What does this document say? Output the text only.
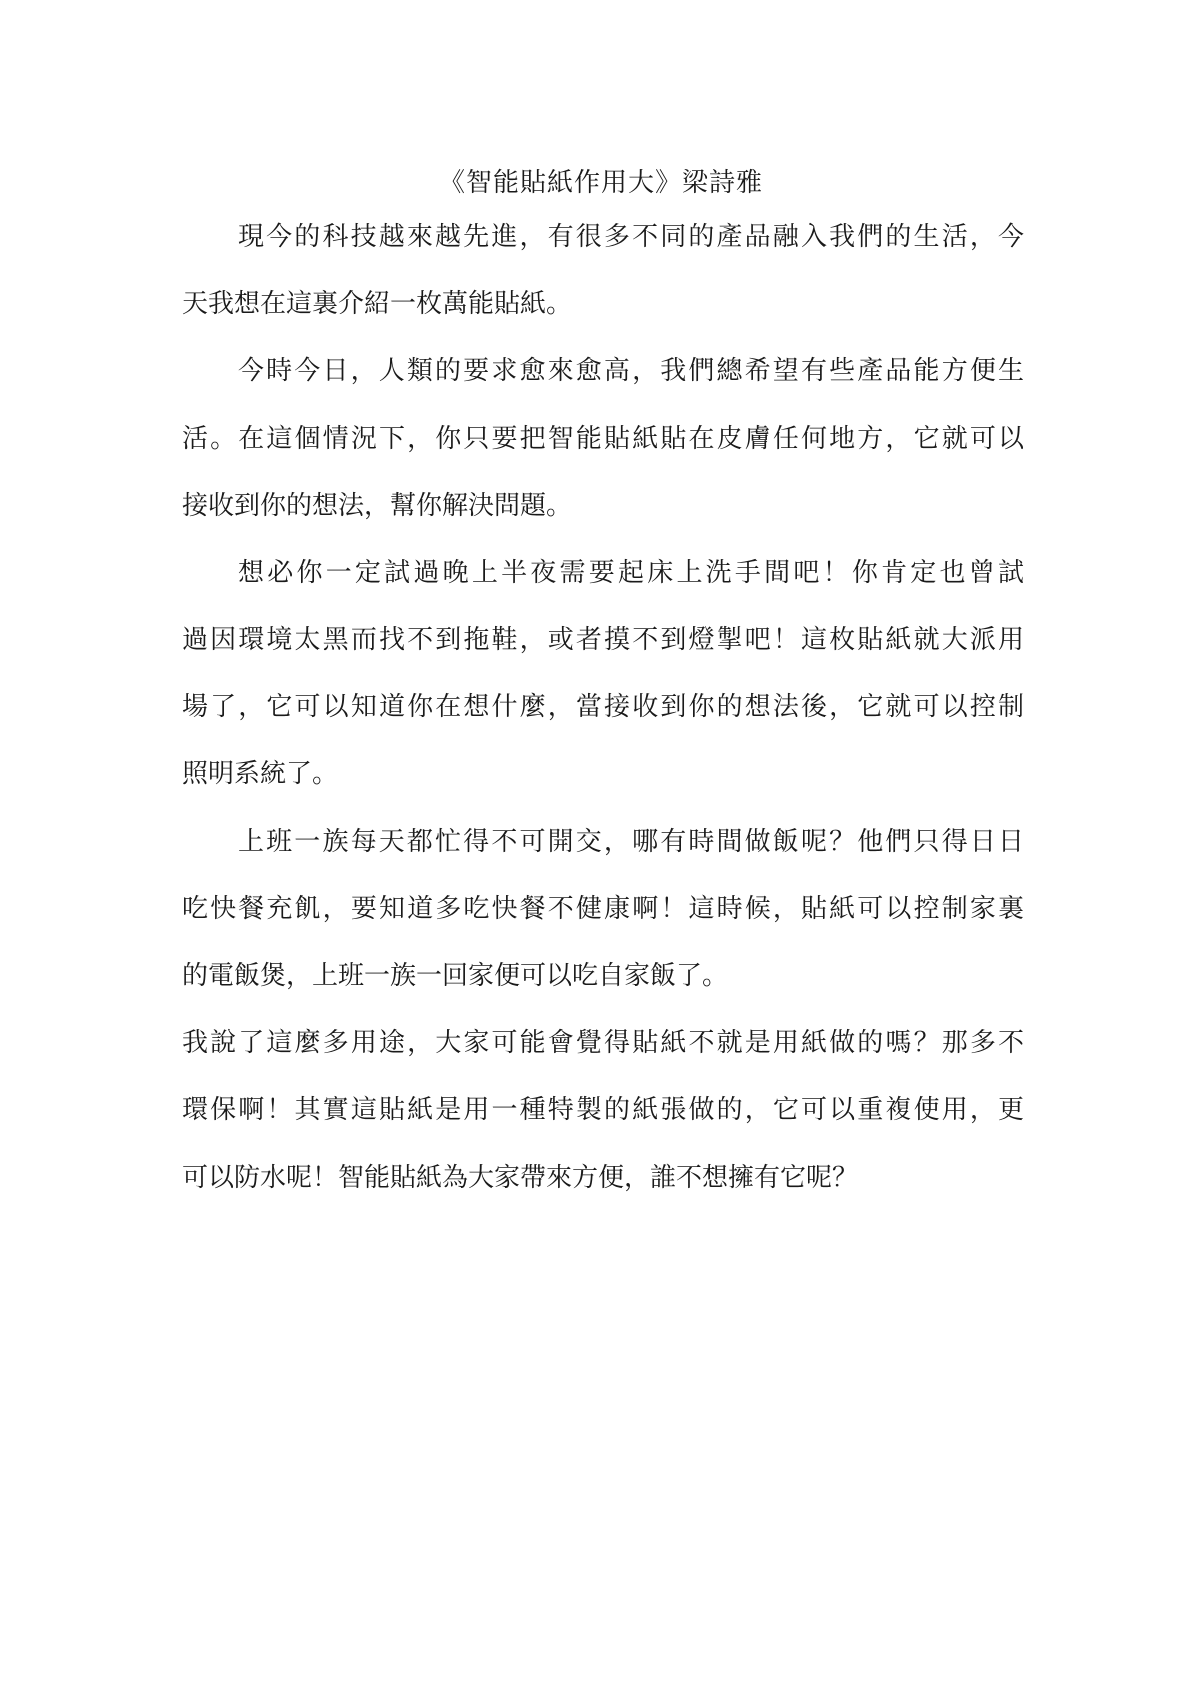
《智能貼紙作用大》梁詩雅
現今的科技越來越先進，有很多不同的產品融入我們的生活，今
天我想在這裏介紹一枚萬能貼紙。
今時今日，人類的要求愈來愈高，我們總希望有些產品能方便生
活。在這個情況下，你只要把智能貼紙貼在皮膚任何地方，它就可以
接收到你的想法，幫你解決問題。
想必你一定試過晚上半夜需要起床上洗手間吧！你肯定也曾試
過因環境太黑而找不到拖鞋，或者摸不到燈掣吧！這枚貼紙就大派用
場了，它可以知道你在想什麼，當接收到你的想法後，它就可以控制
照明系統了。
上班一族每天都忙得不可開交，哪有時間做飯呢？他們只得日日
吃快餐充飢，要知道多吃快餐不健康啊！這時候，貼紙可以控制家裏
的電飯煲，上班一族一回家便可以吃自家飯了。
我說了這麼多用途，大家可能會覺得貼紙不就是用紙做的嗎？那多不
環保啊！其實這貼紙是用一種特製的紙張做的，它可以重複使用，更
可以防水呢！智能貼紙為大家帶來方便，誰不想擁有它呢？
